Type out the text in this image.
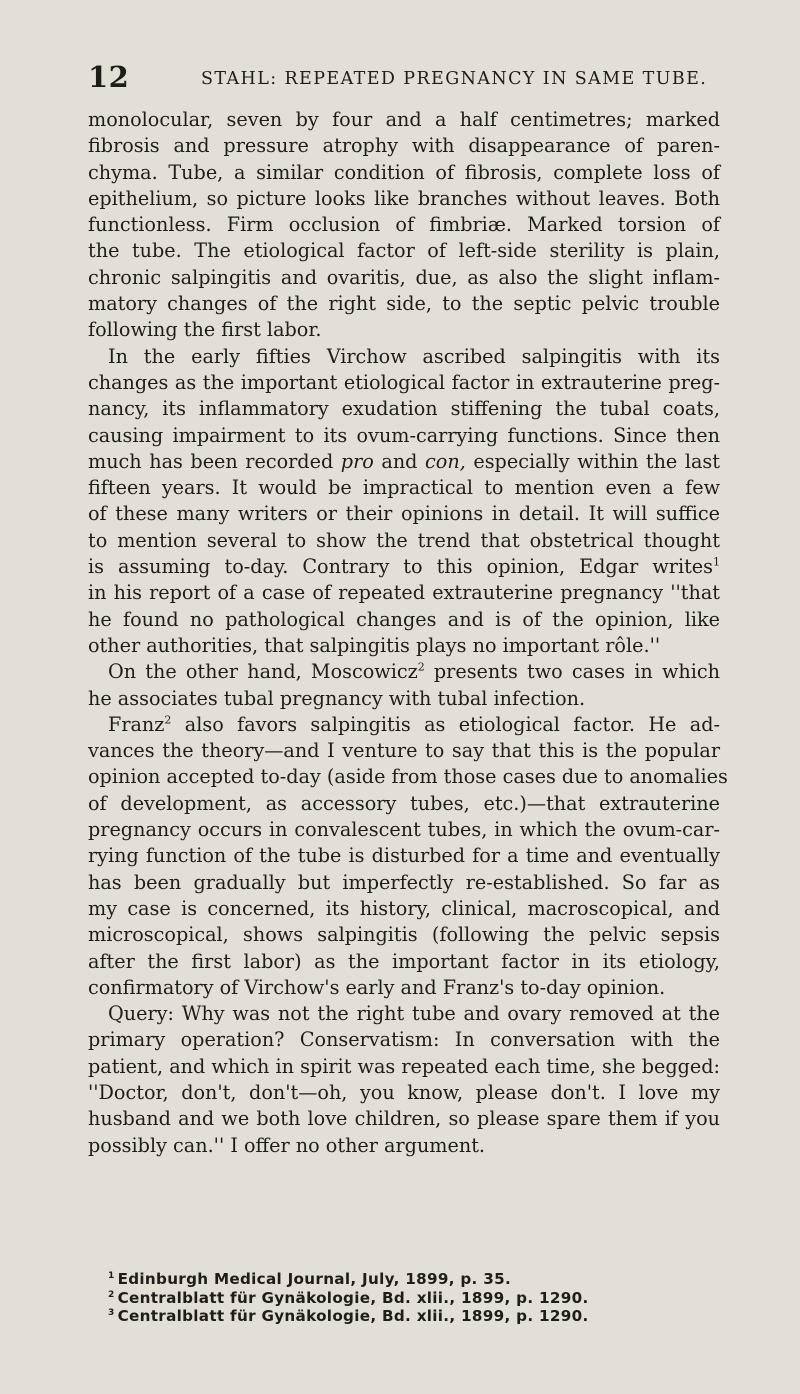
12	STAHL: REPEATED PREGNANCY IN SAME TUBE.
monolocular, seven by four and a half centimetres; marked
fibrosis and pressure atrophy with disappearance of paren-
chyma. Tube, a similar condition of fibrosis, complete loss of
epithelium, so picture looks like branches without leaves. Both
functionless. Firm occlusion of fimbriæ. Marked torsion of
the tube. The etiological factor of left-side sterility is plain,
chronic salpingitis and ovaritis, due, as also the slight inflam-
matory changes of the right side, to the septic pelvic trouble
following the first labor.
In the early fifties Virchow ascribed salpingitis with its
changes as the important etiological factor in extrauterine preg-
nancy, its inflammatory exudation stiffening the tubal coats,
causing impairment to its ovum-carrying functions. Since then
much has been recorded pro and con, especially within the last
fifteen years. It would be impractical to mention even a few
of these many writers or their opinions in detail. It will suffice
to mention several to show the trend that obstetrical thought
is assuming to-day. Contrary to this opinion, Edgar writes$^1$
in his report of a case of repeated extrauterine pregnancy ''that
he found no pathological changes and is of the opinion, like
other authorities, that salpingitis plays no important rôle.''
On the other hand, Moscowicz$^2$ presents two cases in which
he associates tubal pregnancy with tubal infection.
Franz$^2$ also favors salpingitis as etiological factor. He ad-
vances the theory—and I venture to say that this is the popular
opinion accepted to-day (aside from those cases due to anomalies
of development, as accessory tubes, etc.)—that extrauterine
pregnancy occurs in convalescent tubes, in which the ovum-car-
rying function of the tube is disturbed for a time and eventually
has been gradually but imperfectly re-established. So far as
my case is concerned, its history, clinical, macroscopical, and
microscopical, shows salpingitis (following the pelvic sepsis
after the first labor) as the important factor in its etiology,
confirmatory of Virchow's early and Franz's to-day opinion.
Query: Why was not the right tube and ovary removed at the
primary operation? Conservatism: In conversation with the
patient, and which in spirit was repeated each time, she begged:
''Doctor, don't, don't—oh, you know, please don't. I love my
husband and we both love children, so please spare them if you
possibly can.'' I offer no other argument.
$^1$ Edinburgh Medical Journal, July, 1899, p. 35.
$^2$ Centralblatt für Gynäkologie, Bd. xlii., 1899, p. 1290.
$^3$ Centralblatt für Gynäkologie, Bd. xlii., 1899, p. 1290.
